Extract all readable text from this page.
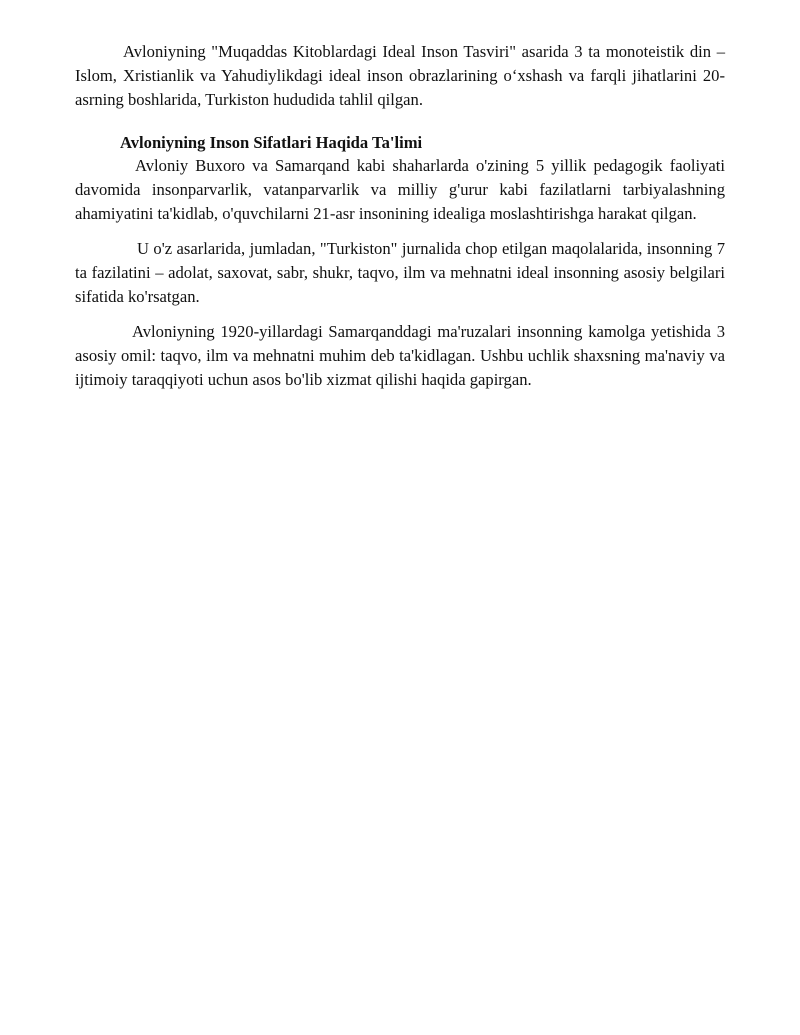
Avloniyning "Muqaddas Kitoblardagi Ideal Inson Tasviri" asarida 3 ta monoteistik din – Islom, Xristianlik va Yahudiylikdagi ideal inson obrazlarining o‘xshash va farqli jihatlarini 20-asrning boshlarida, Turkiston hududida tahlil qilgan.

Avloniyning Inson Sifatlari Haqida Ta'limi

Avloniy Buxoro va Samarqand kabi shaharlarda o'zining 5 yillik pedagogik faoliyati davomida insonparvarlik, vatanparvarlik va milliy g'urur kabi fazilatlarni tarbiyalashning ahamiyatini ta'kidlab, o'quvchilarni 21-asr insonining idealiga moslashtirishga harakat qilgan.

U o'z asarlarida, jumladan, "Turkiston" jurnalida chop etilgan maqolalarida, insonning 7 ta fazilatini – adolat, saxovat, sabr, shukr, taqvo, ilm va mehnatni ideal insonning asosiy belgilari sifatida ko'rsatgan.

Avloniyning 1920-yillardagi Samarqanddagi ma'ruzalari insonning kamolga yetishida 3 asosiy omil: taqvo, ilm va mehnatni muhim deb ta'kidlagan. Ushbu uchlik shaxsning ma'naviy va ijtimoiy taraqqiyoti uchun asos bo'lib xizmat qilishi haqida gapirgan.
